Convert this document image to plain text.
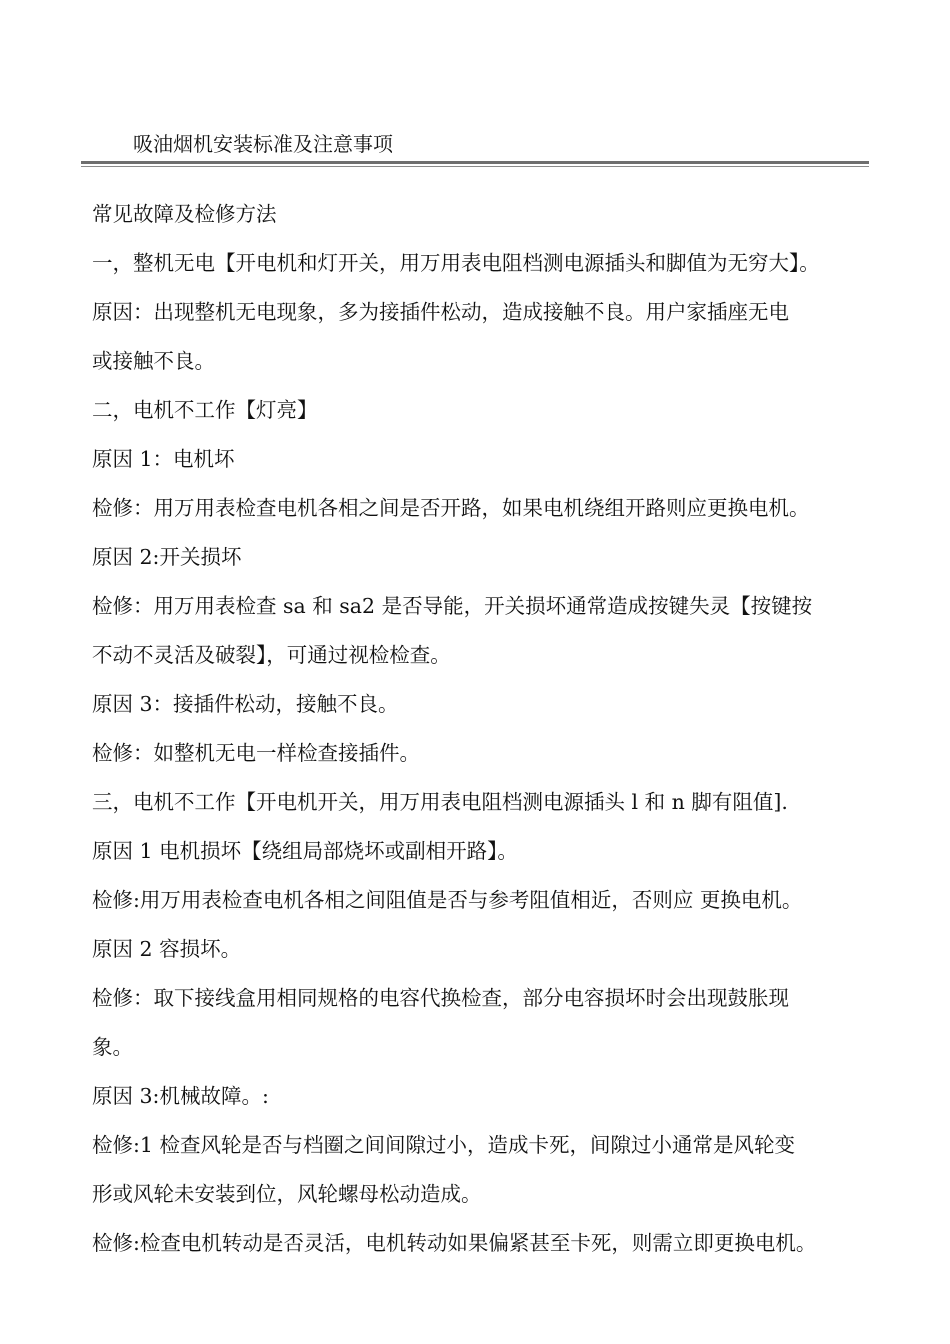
吸油烟机安装标准及注意事项
常见故障及检修方法
一，整机无电【开电机和灯开关，用万用表电阻档测电源插头和脚值为无穷大】。
原因：出现整机无电现象，多为接插件松动，造成接触不良。用户家插座无电
或接触不良。
二，电机不工作【灯亮】
原因 1：电机坏
检修：用万用表检查电机各相之间是否开路，如果电机绕组开路则应更换电机。
原因 2:开关损坏
检修：用万用表检查 sa 和 sa2 是否导能，开关损坏通常造成按键失灵【按键按
不动不灵活及破裂】，可通过视检检查。
原因 3：接插件松动，接触不良。
检修：如整机无电一样检查接插件。
三，电机不工作【开电机开关，用万用表电阻档测电源插头 l 和 n 脚有阻值].
原因 1 电机损坏【绕组局部烧坏或副相开路】。
检修:用万用表检查电机各相之间阻值是否与参考阻值相近，否则应 更换电机。
原因 2 容损坏。
检修：取下接线盒用相同规格的电容代换检查，部分电容损坏时会出现鼓胀现
象。
原因 3:机械故障。:
检修:1 检查风轮是否与档圈之间间隙过小，造成卡死，间隙过小通常是风轮变
形或风轮未安装到位，风轮螺母松动造成。
检修:检查电机转动是否灵活，电机转动如果偏紧甚至卡死，则需立即更换电机。
